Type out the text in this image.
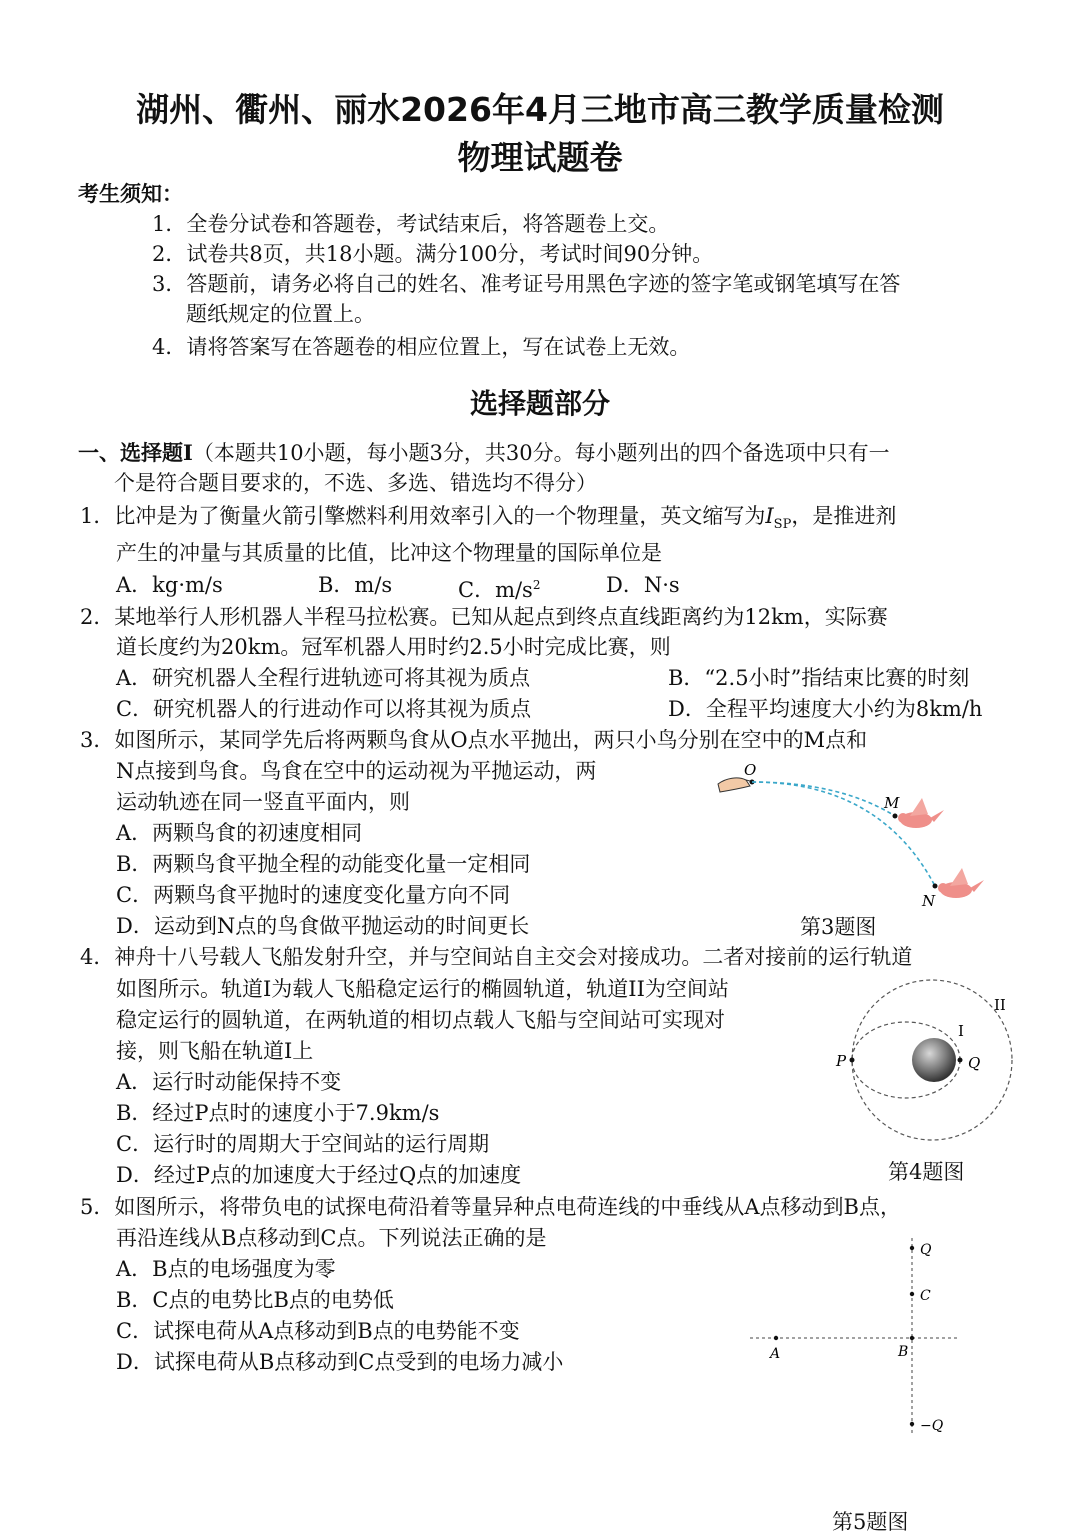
湖州、衢州、丽水2026年4月三地市高三教学质量检测
物理试题卷
考生须知：
1．全卷分试卷和答题卷，考试结束后，将答题卷上交。
2．试卷共8页，共18小题。满分100分，考试时间90分钟。
3．答题前，请务必将自己的姓名、准考证号用黑色字迹的签字笔或钢笔填写在答
题纸规定的位置上。
4．请将答案写在答题卷的相应位置上，写在试卷上无效。
选择题部分
一、选择题I（本题共10小题，每小题3分，共30分。每小题列出的四个备选项中只有一
个是符合题目要求的，不选、多选、错选均不得分）
1．比冲是为了衡量火箭引擎燃料利用效率引入的一个物理量，英文缩写为$I_{SP}$，是推进剂
产生的冲量与其质量的比值，比冲这个物理量的国际单位是
A．kg·m/s	B．m/s	C．$m/s^2$	D．N·s
2．某地举行人形机器人半程马拉松赛。已知从起点到终点直线距离约为12km，实际赛
道长度约为20km。冠军机器人用时约2.5小时完成比赛，则
A．研究机器人全程行进轨迹可将其视为质点	B．“2.5小时”指结束比赛的时刻
C．研究机器人的行进动作可以将其视为质点	D．全程平均速度大小约为8km/h
3．如图所示，某同学先后将两颗鸟食从O点水平抛出，两只小鸟分别在空中的M点和
N点接到鸟食。鸟食在空中的运动视为平抛运动，两
运动轨迹在同一竖直平面内，则
A．两颗鸟食的初速度相同
B．两颗鸟食平抛全程的动能变化量一定相同
C．两颗鸟食平抛时的速度变化量方向不同
D．运动到N点的鸟食做平抛运动的时间更长	第3题图
O
M
N
4．神舟十八号载人飞船发射升空，并与空间站自主交会对接成功。二者对接前的运行轨道
如图所示。轨道I为载人飞船稳定运行的椭圆轨道，轨道II为空间站
稳定运行的圆轨道，在两轨道的相切点载人飞船与空间站可实现对
接，则飞船在轨道I上
A．运行时动能保持不变
B．经过P点时的速度小于7.9km/s
C．运行时的周期大于空间站的运行周期
D．经过P点的加速度大于经过Q点的加速度	第4题图
P	Q
I
II
5．如图所示，将带负电的试探电荷沿着等量异种点电荷连线的中垂线从A点移动到B点，
再沿连线从B点移动到C点。下列说法正确的是
A．B点的电场强度为零
B．C点的电势比B点的电势低
C．试探电荷从A点移动到B点的电势能不变
D．试探电荷从B点移动到C点受到的电场力减小
Q
C
A	B
−Q
第5题图
